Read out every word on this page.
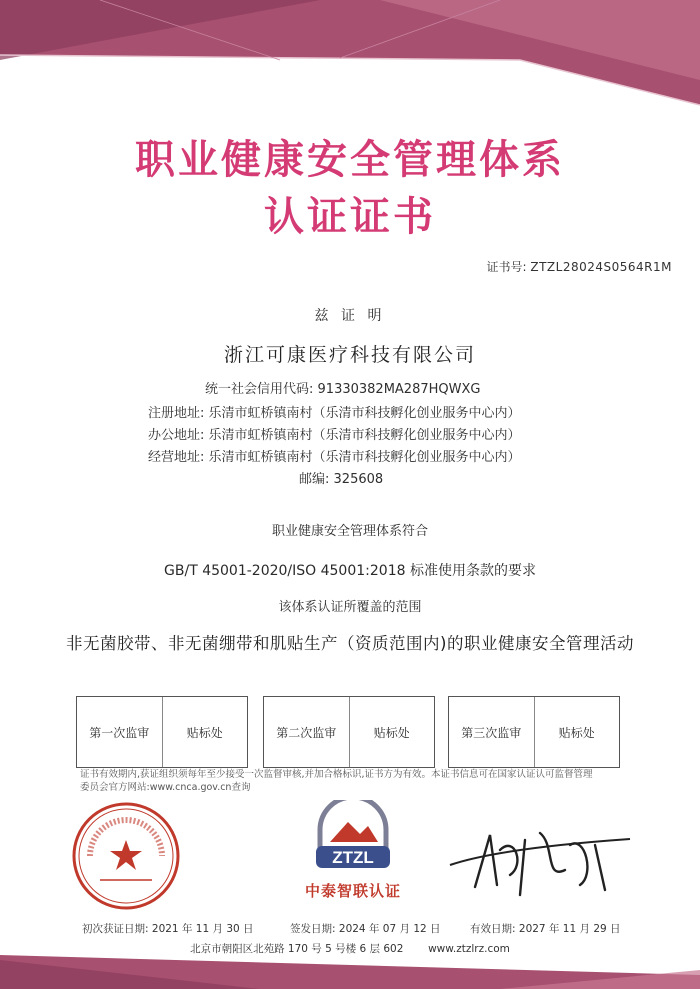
职业健康安全管理体系
认证证书
证书号: ZTZL28024S0564R1M
兹 证 明
浙江可康医疗科技有限公司
统一社会信用代码: 91330382MA287HQWXG
注册地址: 乐清市虹桥镇南村（乐清市科技孵化创业服务中心内）
办公地址: 乐清市虹桥镇南村（乐清市科技孵化创业服务中心内）
经营地址: 乐清市虹桥镇南村（乐清市科技孵化创业服务中心内）
邮编: 325608
职业健康安全管理体系符合
GB/T 45001-2020/ISO 45001:2018 标准使用条款的要求
该体系认证所覆盖的范围
非无菌胶带、非无菌绷带和肌贴生产（资质范围内)的职业健康安全管理活动
第一次监审	贴标处	第二次监审	贴标处	第三次监审	贴标处
证书有效期内,获证组织须每年至少接受一次监督审核,并加合格标识,证书方为有效。本证书信息可在国家认证认可监督管理委员会官方网站:www.cnca.gov.cn查询
ZTZL
中泰智联认证
初次获证日期: 2021 年 11 月 30 日	签发日期: 2024 年 07 月 12 日	有效日期: 2027 年 11 月 29 日
北京市朝阳区北苑路 170 号 5 号楼 6 层 602 www.ztzlrz.com
